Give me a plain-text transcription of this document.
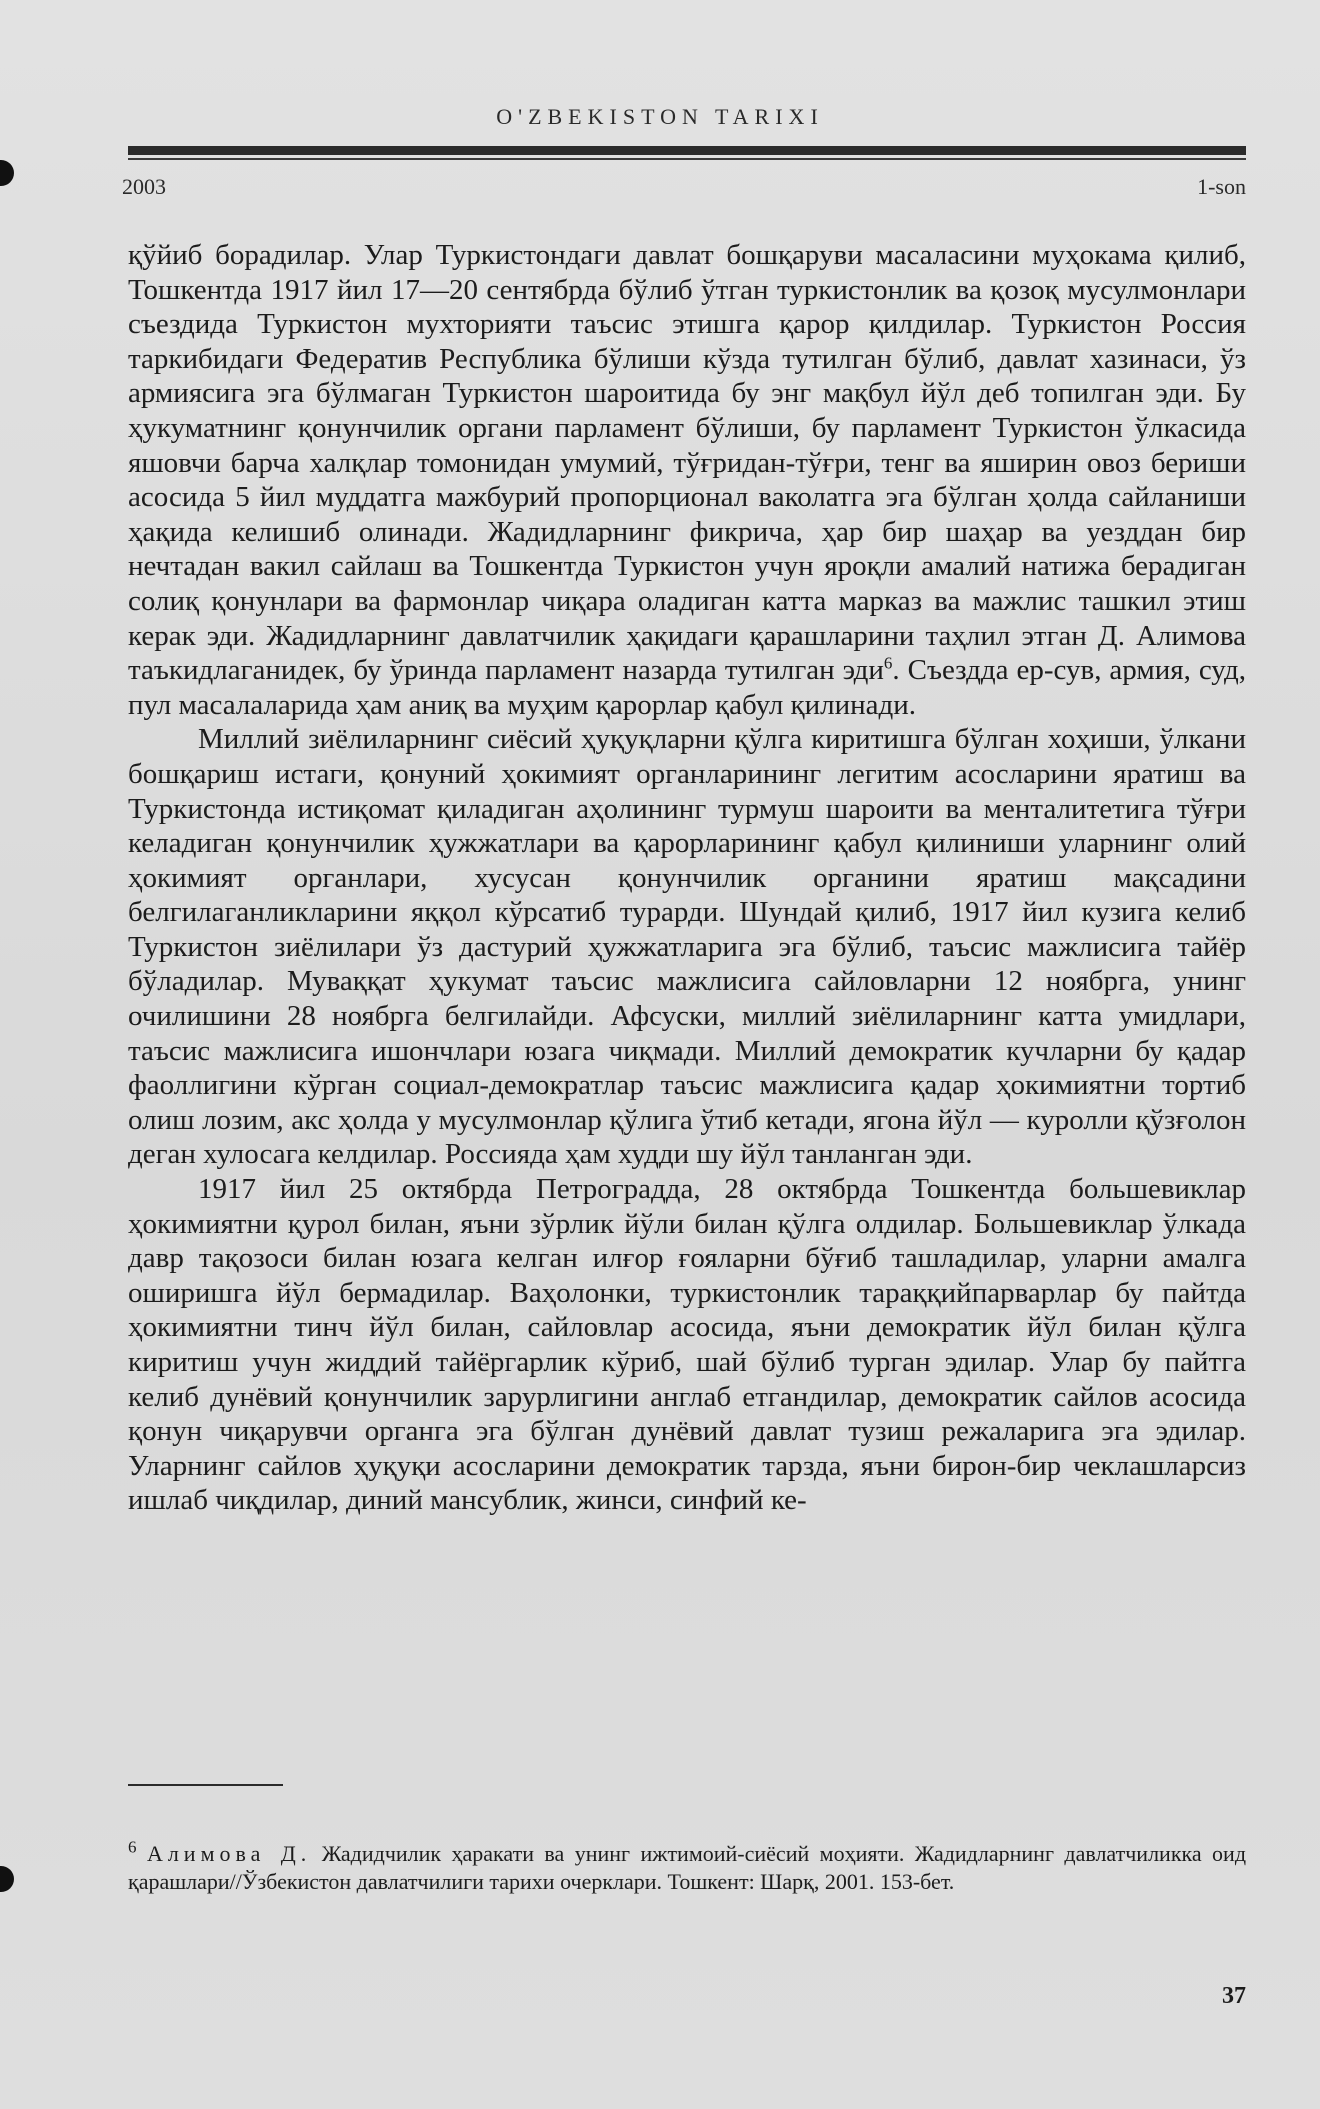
O'ZBEKISTON TARIXI
2003	1-son

қўйиб борадилар. Улар Туркистондаги давлат бошқаруви масаласини муҳокама қилиб, Тошкентда 1917 йил 17—20 сентябрда бўлиб ўтган туркистонлик ва қозоқ мусулмонлари съездида Туркистон мухторияти таъсис этишга қарор қилдилар. Туркистон Россия таркибидаги Федератив Республика бўлиши кўзда тутилган бўлиб, давлат хазинаси, ўз армиясига эга бўлмаган Туркистон шароитида бу энг мақбул йўл деб топилган эди. Бу ҳукуматнинг қонунчилик органи парламент бўлиши, бу парламент Туркистон ўлкасида яшовчи барча халқлар томонидан умумий, тўғридан-тўғри, тенг ва яширин овоз бериши асосида 5 йил муддатга мажбурий пропорционал ваколатга эга бўлган ҳолда сайланиши ҳақида келишиб олинади. Жадидларнинг фикрича, ҳар бир шаҳар ва уезддан бир нечтадан вакил сайлаш ва Тошкентда Туркистон учун яроқли амалий натижа берадиган солиқ қонунлари ва фармонлар чиқара оладиган катта марказ ва мажлис ташкил этиш керак эди. Жадидларнинг давлатчилик ҳақидаги қарашларини таҳлил этган Д. Алимова таъкидлаганидек, бу ўринда парламент назарда тутилган эди$^6$. Съездда ер-сув, армия, суд, пул масалаларида ҳам аниқ ва муҳим қарорлар қабул қилинади.

Миллий зиёлиларнинг сиёсий ҳуқуқларни қўлга киритишга бўлган хоҳиши, ўлкани бошқариш истаги, қонуний ҳокимият органларининг легитим асосларини яратиш ва Туркистонда истиқомат қиладиган аҳолининг турмуш шароити ва менталитетига тўғри келадиган қонунчилик ҳужжатлари ва қарорларининг қабул қилиниши уларнинг олий ҳокимият органлари, хусусан қонунчилик органини яратиш мақсадини белгилаганликларини яққол кўрсатиб турарди. Шундай қилиб, 1917 йил кузига келиб Туркистон зиёлилари ўз дастурий ҳужжатларига эга бўлиб, таъсис мажлисига тайёр бўладилар. Муваққат ҳукумат таъсис мажлисига сайловларни 12 ноябрга, унинг очилишини 28 ноябрга белгилайди. Афсуски, миллий зиёлиларнинг катта умидлари, таъсис мажлисига ишончлари юзага чиқмади. Миллий демократик кучларни бу қадар фаоллигини кўрган социал-демократлар таъсис мажлисига қадар ҳокимиятни тортиб олиш лозим, акс ҳолда у мусулмонлар қўлига ўтиб кетади, ягона йўл — куролли қўзғолон деган хулосага келдилар. Россияда ҳам худди шу йўл танланган эди.

1917 йил 25 октябрда Петроградда, 28 октябрда Тошкентда большевиклар ҳокимиятни қурол билан, яъни зўрлик йўли билан қўлга олдилар. Большевиклар ўлкада давр тақозоси билан юзага келган илғор ғояларни бўғиб ташладилар, уларни амалга оширишга йўл бермадилар. Ваҳолонки, туркистонлик тараққийпарварлар бу пайтда ҳокимиятни тинч йўл билан, сайловлар асосида, яъни демократик йўл билан қўлга киритиш учун жиддий тайёргарлик кўриб, шай бўлиб турган эдилар. Улар бу пайтга келиб дунёвий қонунчилик зарурлигини англаб етгандилар, демократик сайлов асосида қонун чиқарувчи органга эга бўлган дунёвий давлат тузиш режаларига эга эдилар. Уларнинг сайлов ҳуқуқи асосларини демократик тарзда, яъни бирон-бир чеклашларсиз ишлаб чиқдилар, диний мансублик, жинси, синфий ке-

$^6$ Алимова Д. Жадидчилик ҳаракати ва унинг ижтимоий-сиёсий моҳияти. Жадидларнинг давлатчиликка оид қарашлари//Ўзбекистон давлатчилиги тарихи очерклари. Тошкент: Шарқ, 2001. 153-бет.
37
